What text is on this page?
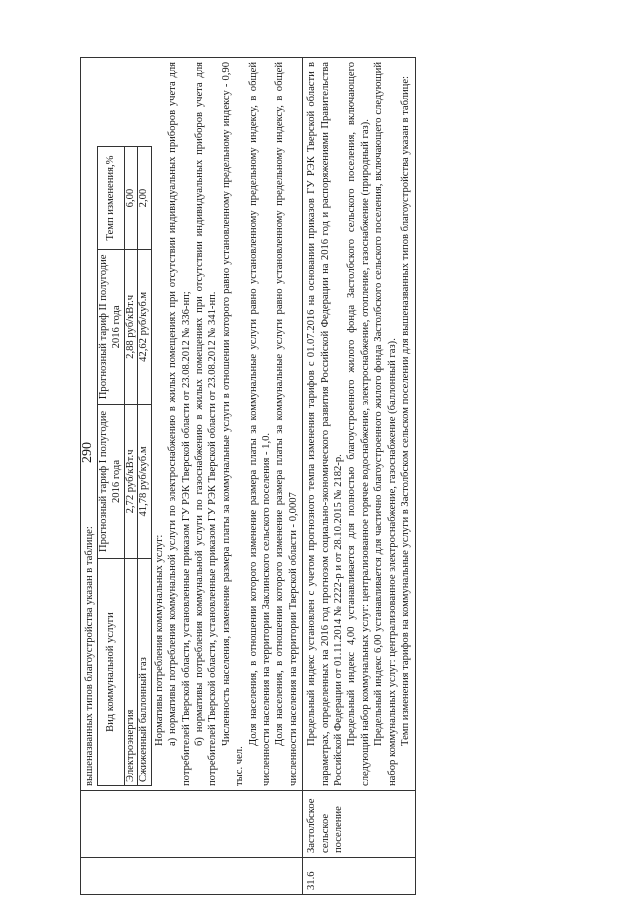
290

вышеназванных типов благоустройства указан в таблице: Вид коммунальной услуги	Прогнозный тариф I полугодие 2016 года	Прогнозный тариф II полугодие 2016 года	Темп изменения,%
Электроэнергия	2,72 руб/кВт.ч	2,88 руб/кВт.ч	6,00
Сжиженный баллонный газ	41,78 руб/куб.м	42,62 руб/куб.м	2,00

Нормативы потребления коммунальных услуг: а) нормативы потребления коммунальной услуги по электроснабжению в жилых помещениях при отсутствии индивидуальных приборов учета для потребителей Тверской области, установленные приказом ГУ РЭК Тверской области от 23.08.2012 № 336-нп; б) нормативы потребления коммунальной услуги по газоснабжению в жилых помещениях при отсутствии индивидуальных приборов учета для потребителей Тверской области, установленные приказом ГУ РЭК Тверской области от 23.08.2012 № 341-нп. Численность населения, изменение размера платы за коммунальные услуги в отношении которого равно установленному предельному индексу - 0,90 тыс. чел.

Доля населения, в отношении которого изменение размера платы за коммунальные услуги равно установленному предельному индексу, в общей численности населения на территории Заклинского сельского поселения - 1,0. Доля населения, в отношении которого изменение размера платы за коммунальные услуги равно установленному предельному индексу, в общей численности населения на территории Тверской области - 0,0007

31.6	Застолбское сельское поселение	

Предельный индекс установлен с учетом прогнозного темпа изменения тарифов с 01.07.2016 на основании приказов ГУ РЭК Тверской области в параметрах, определенных на 2016 год прогнозом социально-экономического развития Российской Федерации на 2016 год и распоряжениями Правительства Российской Федерации от 01.11.2014 № 2222-р и от 28.10.2015 № 2182-р. Предельный индекс 4,00 устанавливается для полностью благоустроенного жилого фонда Застолбского сельского поселения, включающего следующий набор коммунальных услуг: централизованное горячее водоснабжение, электроснабжение, отопление, газоснабжение (природный газ). Предельный индекс 6,00 устанавливается для частично благоустроенного жилого фонда Застолбского сельского поселения, включающего следующий набор коммунальных услуг: централизованное электроснабжение, газоснабжение (баллонный газ). Темп изменения тарифов на коммунальные услуги в Застолбском сельском поселении для вышеназванных типов благоустройства указан в таблице:
